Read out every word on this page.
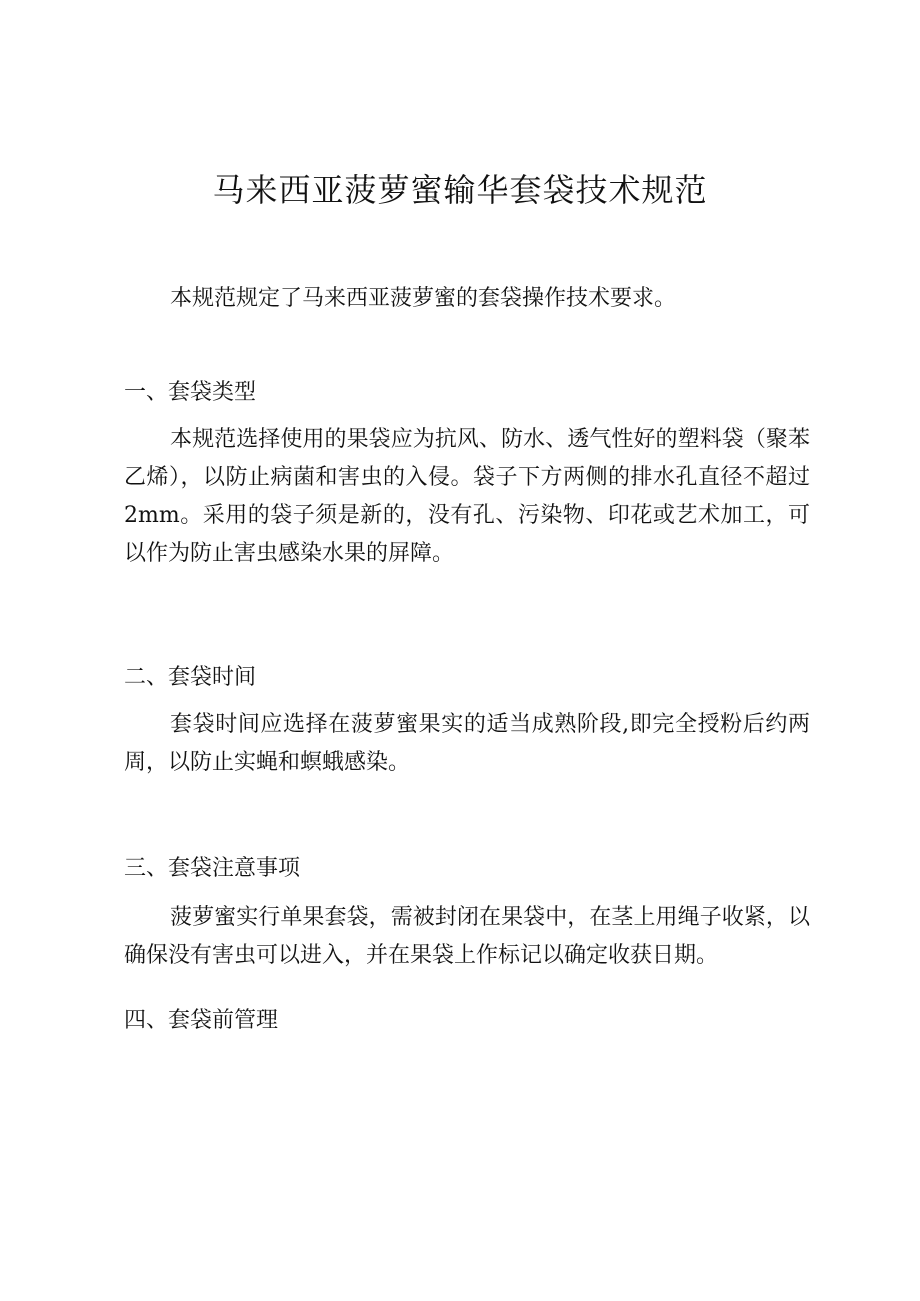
马来西亚菠萝蜜输华套袋技术规范
本规范规定了马来西亚菠萝蜜的套袋操作技术要求。
一、套袋类型
本规范选择使用的果袋应为抗风、防水、透气性好的塑料袋（聚苯乙烯），以防止病菌和害虫的入侵。袋子下方两侧的排水孔直径不超过2mm。采用的袋子须是新的，没有孔、污染物、印花或艺术加工，可以作为防止害虫感染水果的屏障。
二、套袋时间
套袋时间应选择在菠萝蜜果实的适当成熟阶段,即完全授粉后约两周，以防止实蝇和螟蛾感染。
三、套袋注意事项
菠萝蜜实行单果套袋，需被封闭在果袋中，在茎上用绳子收紧，以确保没有害虫可以进入，并在果袋上作标记以确定收获日期。
四、套袋前管理
